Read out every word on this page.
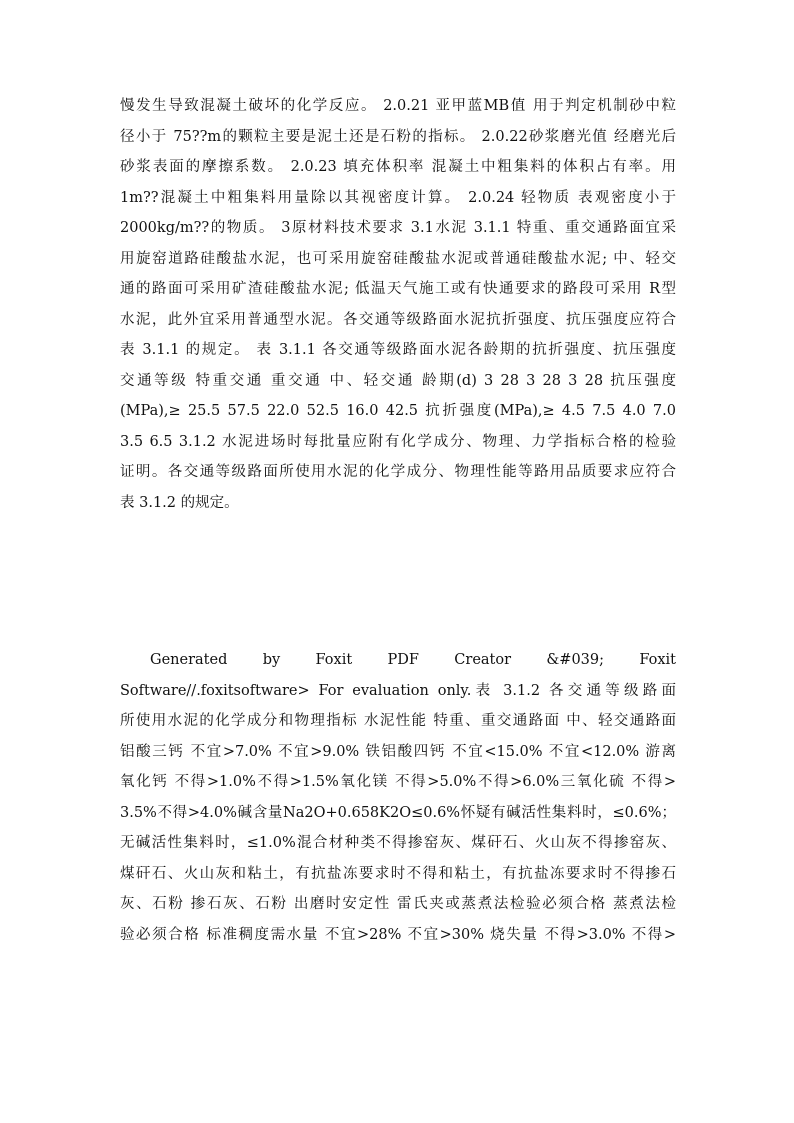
慢发生导致混凝土破坏的化学反应。 2.0.21 亚甲蓝MB值 用于判定机制砂中粒
径小于 75??m的颗粒主要是泥土还是石粉的指标。 2.0.22砂浆磨光值 经磨光后
砂浆表面的摩擦系数。 2.0.23 填充体积率 混凝土中粗集料的体积占有率。用
1m??混凝土中粗集料用量除以其视密度计算。 2.0.24 轻物质 表观密度小于
2000kg/m??的物质。 3原材料技术要求 3.1水泥 3.1.1 特重、重交通路面宜采
用旋窑道路硅酸盐水泥，也可采用旋窑硅酸盐水泥或普通硅酸盐水泥; 中、轻交
通的路面可采用矿渣硅酸盐水泥; 低温天气施工或有快通要求的路段可采用 R型
水泥，此外宜采用普通型水泥。各交通等级路面水泥抗折强度、抗压强度应符合
表 3.1.1 的规定。 表 3.1.1 各交通等级路面水泥各龄期的抗折强度、抗压强度
交通等级 特重交通 重交通 中、轻交通 龄期(d) 3 28 3 28 3 28 抗压强度
(MPa),≥ 25.5 57.5 22.0 52.5 16.0 42.5 抗折强度(MPa),≥ 4.5 7.5 4.0 7.0
3.5 6.5 3.1.2 水泥进场时每批量应附有化学成分、物理、力学指标合格的检验
证明。各交通等级路面所使用水泥的化学成分、物理性能等路用品质要求应符合
表 3.1.2 的规定。
Generated by Foxit PDF Creator &#039; Foxit
Software//.foxitsoftware> For evaluation only.表 3.1.2 各交通等级路面
所使用水泥的化学成分和物理指标 水泥性能 特重、重交通路面 中、轻交通路面
铝酸三钙 不宜>7.0% 不宜>9.0% 铁铝酸四钙 不宜<15.0% 不宜<12.0% 游离
氧化钙 不得>1.0%不得>1.5%氧化镁 不得>5.0%不得>6.0%三氧化硫 不得>
3.5%不得>4.0%碱含量Na2O+0.658K2O≤0.6%怀疑有碱活性集料时，≤0.6%；
无碱活性集料时，≤1.0%混合材种类不得掺窑灰、煤矸石、火山灰不得掺窑灰、
煤矸石、火山灰和粘土，有抗盐冻要求时不得和粘土，有抗盐冻要求时不得掺石
灰、石粉 掺石灰、石粉 出磨时安定性 雷氏夹或蒸煮法检验必须合格 蒸煮法检
验必须合格 标准稠度需水量 不宜>28% 不宜>30% 烧失量 不得>3.0% 不得>
